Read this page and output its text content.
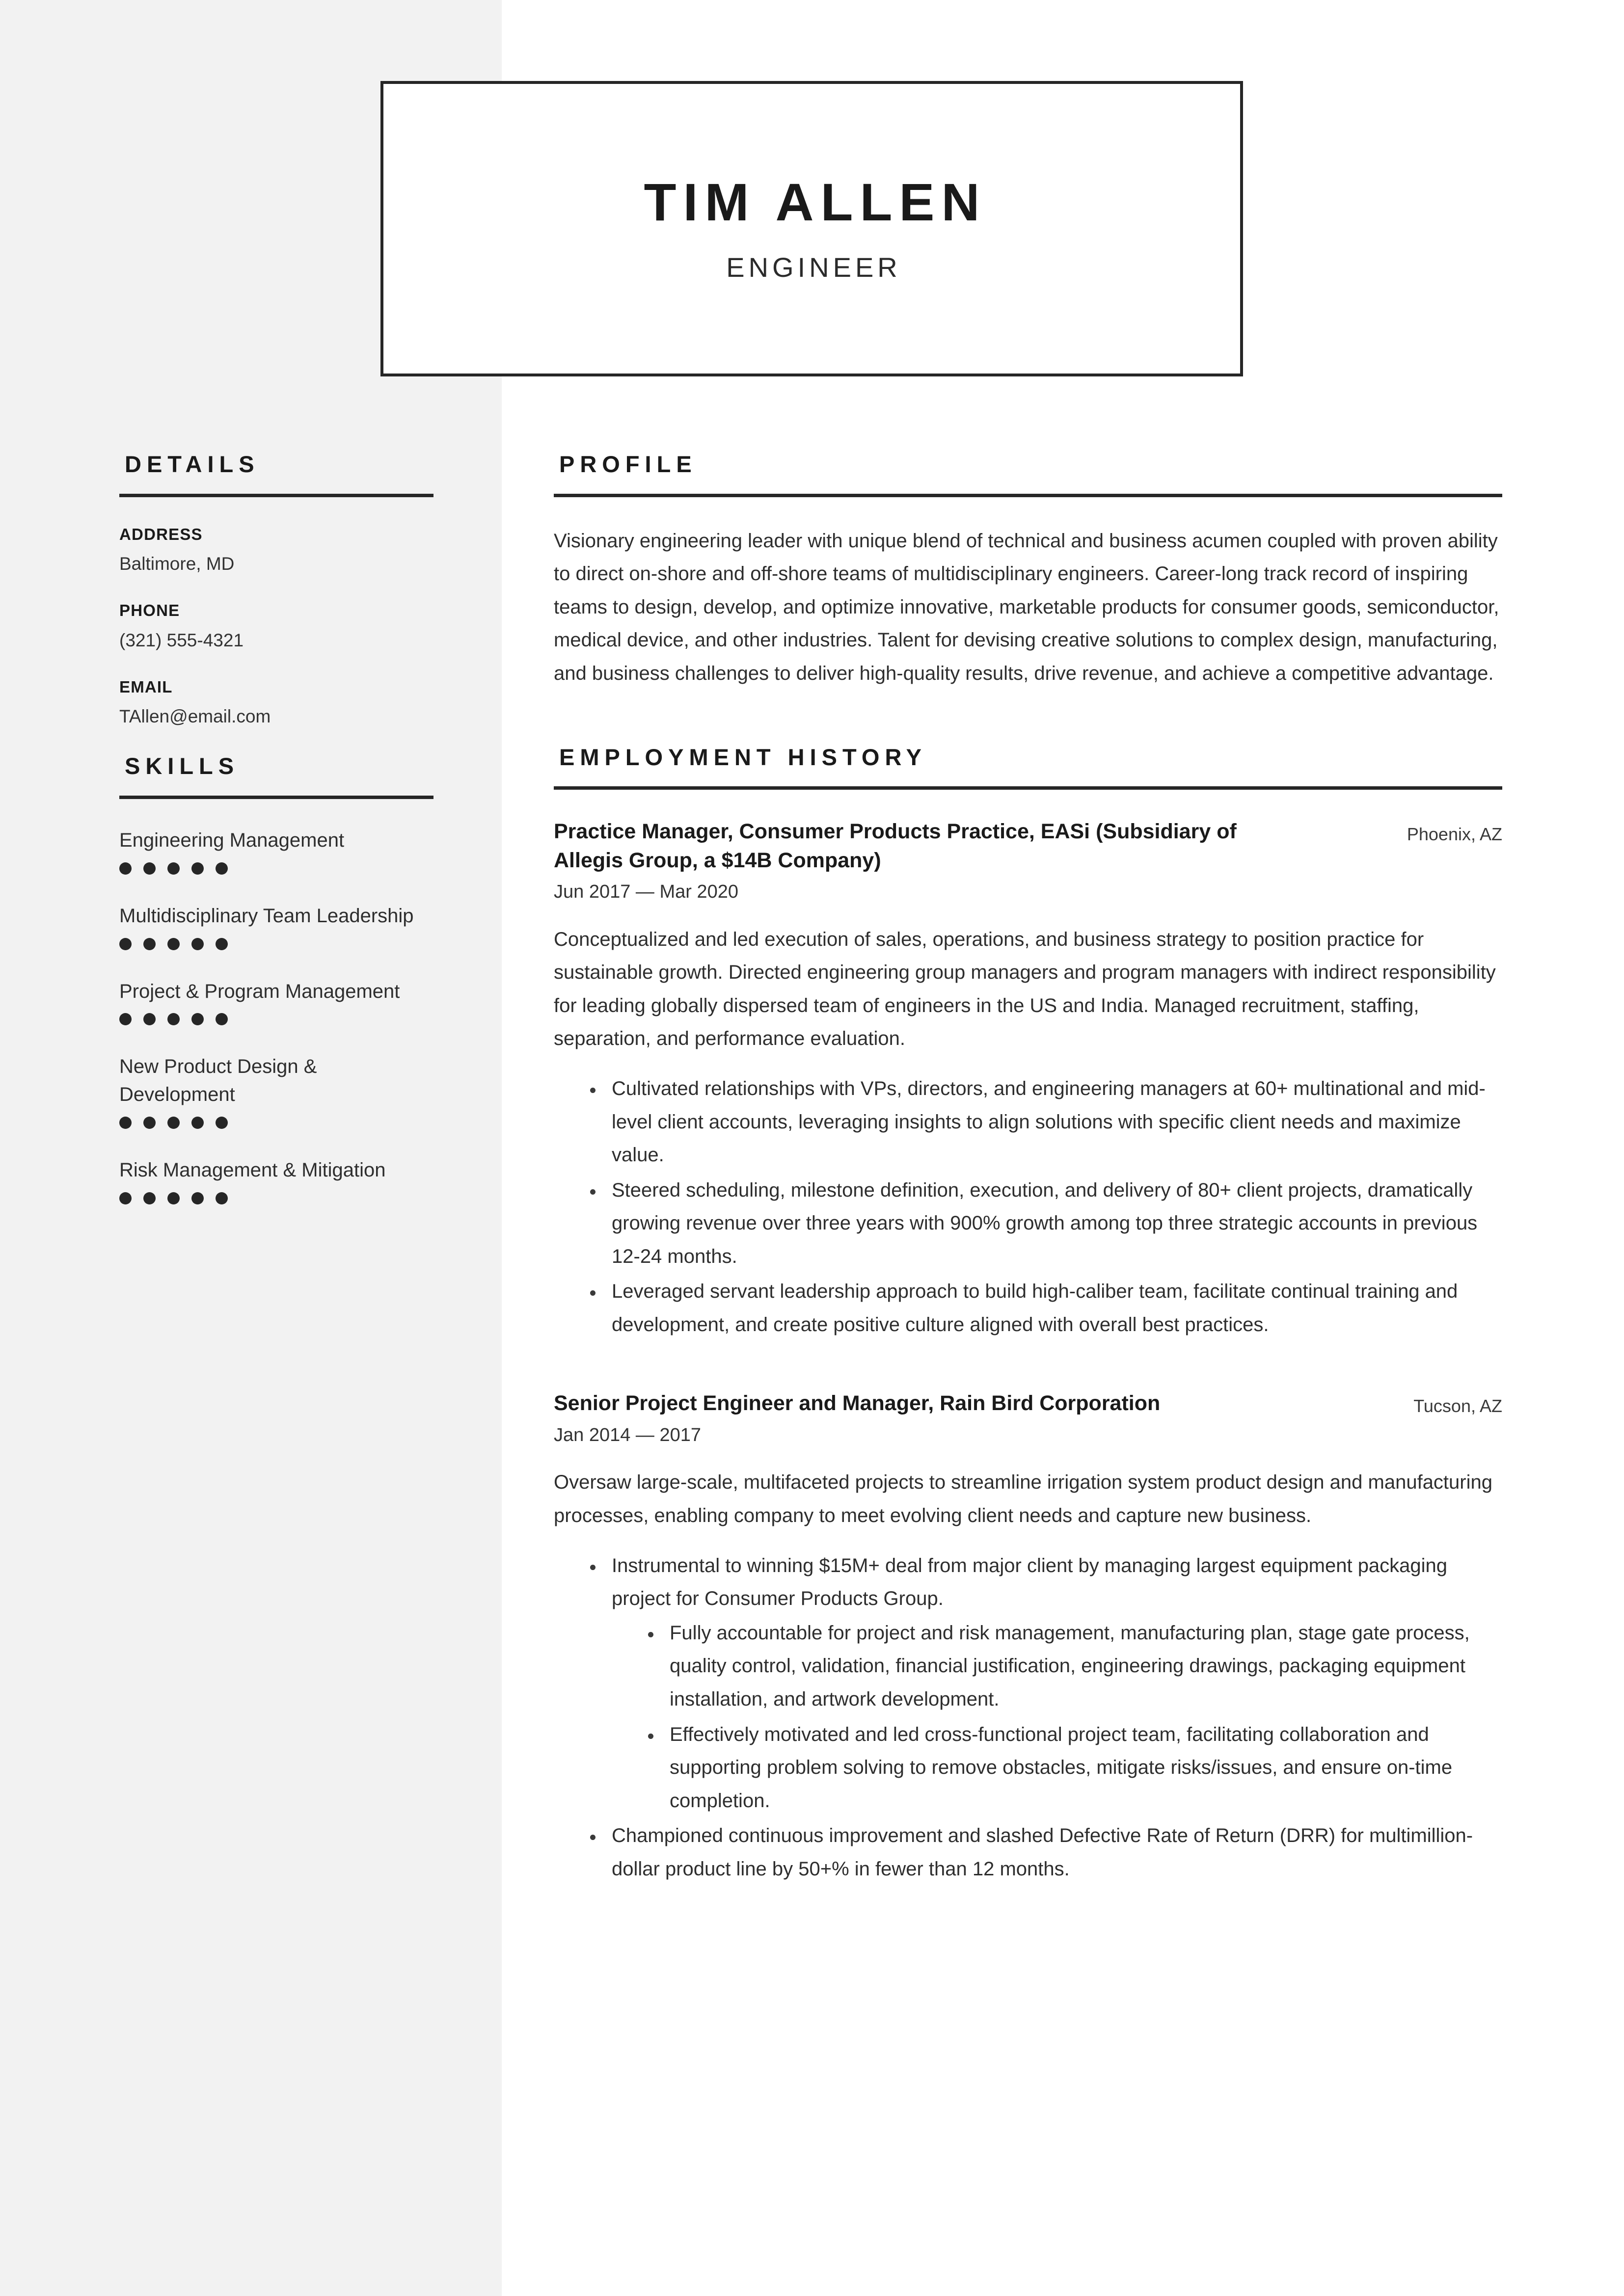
TIM ALLEN
ENGINEER
DETAILS

ADDRESS

Baltimore, MD

PHONE

(321) 555-4321

EMAIL

TAllen@email.com

SKILLS

Engineering Management

Multidisciplinary Team Leadership

Project & Program Management

New Product Design & Development

Risk Management & Mitigation

PROFILE

Visionary engineering leader with unique blend of technical and business acumen coupled with proven ability to direct on-shore and off-shore teams of multidisciplinary engineers. Career-long track record of inspiring teams to design, develop, and optimize innovative, marketable products for consumer goods, semiconductor, medical device, and other industries. Talent for devising creative solutions to complex design, manufacturing, and business challenges to deliver high-quality results, drive revenue, and achieve a competitive advantage.

EMPLOYMENT HISTORY

Practice Manager, Consumer Products Practice, EASi (Subsidiary of Allegis Group, a $14B Company)

Phoenix, AZ

Jun 2017 — Mar 2020

Conceptualized and led execution of sales, operations, and business strategy to position practice for sustainable growth. Directed engineering group managers and program managers with indirect responsibility for leading globally dispersed team of engineers in the US and India. Managed recruitment, staffing, separation, and performance evaluation.

Cultivated relationships with VPs, directors, and engineering managers at 60+ multinational and mid-level client accounts, leveraging insights to align solutions with specific client needs and maximize value.
Steered scheduling, milestone definition, execution, and delivery of 80+ client projects, dramatically growing revenue over three years with 900% growth among top three strategic accounts in previous 12-24 months.
Leveraged servant leadership approach to build high-caliber team, facilitate continual training and development, and create positive culture aligned with overall best practices.

Senior Project Engineer and Manager, Rain Bird Corporation	Tucson, AZ

Jan 2014 — 2017

Oversaw large-scale, multifaceted projects to streamline irrigation system product design and manufacturing processes, enabling company to meet evolving client needs and capture new business.

Instrumental to winning $15M+ deal from major client by managing largest equipment packaging project for Consumer Products Group.
Fully accountable for project and risk management, manufacturing plan, stage gate process, quality control, validation, financial justification, engineering drawings, packaging equipment installation, and artwork development.
Effectively motivated and led cross-functional project team, facilitating collaboration and supporting problem solving to remove obstacles, mitigate risks/issues, and ensure on-time completion.
Championed continuous improvement and slashed Defective Rate of Return (DRR) for multimillion-dollar product line by 50+% in fewer than 12 months.
